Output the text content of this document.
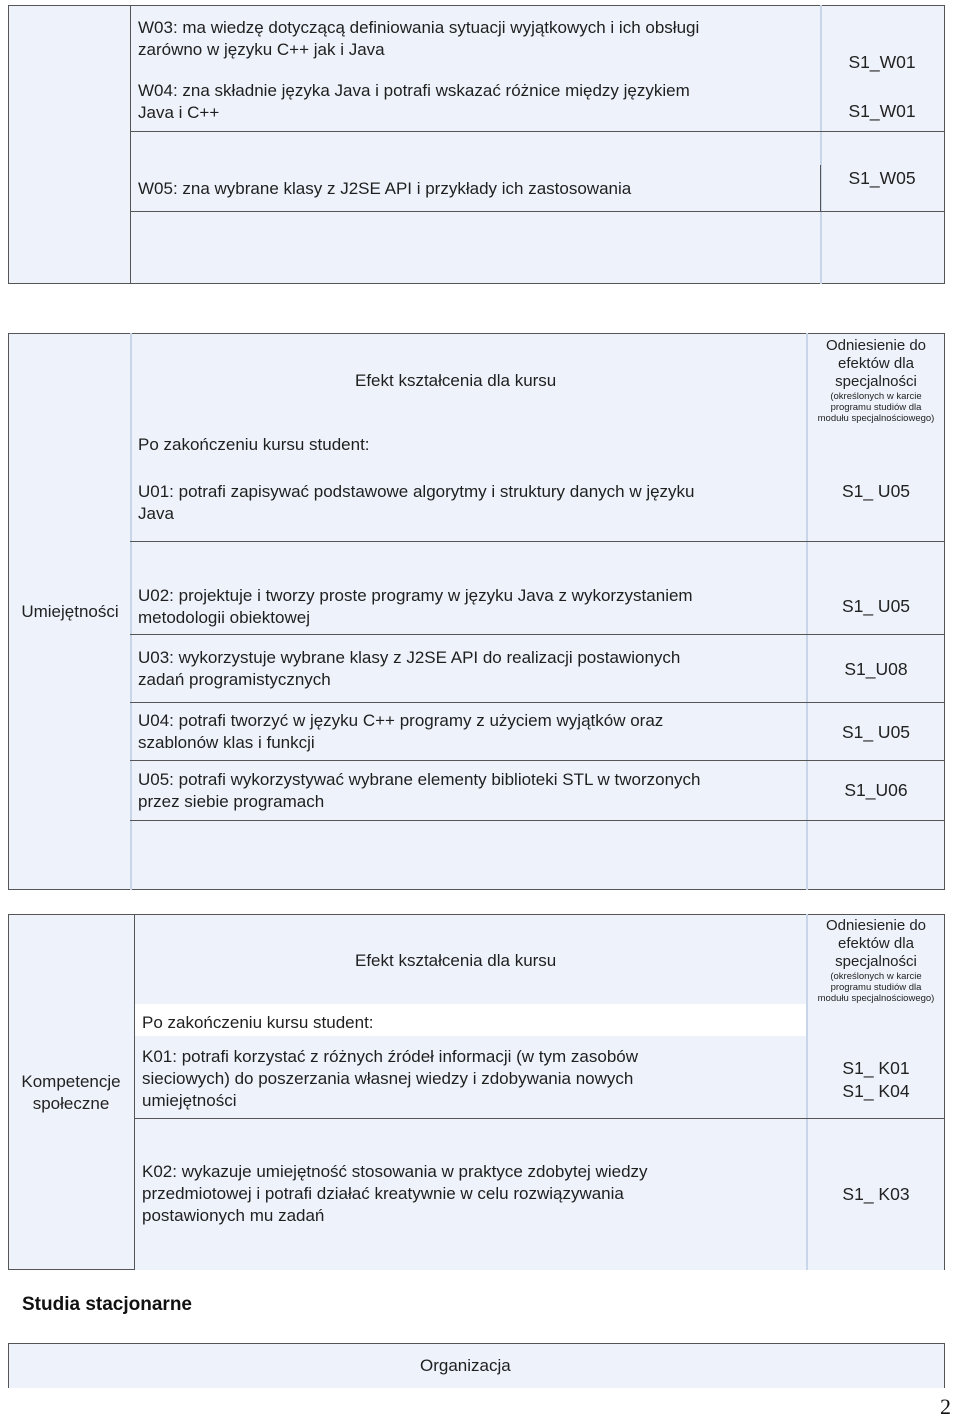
W03: ma wiedzę dotyczącą definiowania sytuacji wyjątkowych i ich obsługi
zarówno w języku C++ jak i Java
W04: zna składnie języka Java i potrafi wskazać różnice między językiem
Java i C++
S1_W01
S1_W01
W05: zna wybrane klasy z J2SE API i przykłady ich zastosowania
S1_W05
Efekt kształcenia dla kursu
Po zakończeniu kursu student:
Odniesienie do
efektów dla
specjalności
(określonych w karcie
programu studiów dla
modułu specjalnościowego)
Umiejętności
U01: potrafi zapisywać podstawowe algorytmy i struktury danych w języku
Java
S1_ U05
U02: projektuje i tworzy proste programy w języku Java z wykorzystaniem
metodologii obiektowej
S1_ U05
U03: wykorzystuje wybrane klasy z J2SE API do realizacji postawionych
zadań programistycznych
S1_U08
U04: potrafi tworzyć w języku C++ programy z użyciem wyjątków oraz
szablonów klas i funkcji
S1_ U05
U05: potrafi wykorzystywać wybrane elementy biblioteki STL w tworzonych
przez siebie programach
S1_U06
Efekt kształcenia dla kursu
Po zakończeniu kursu student:
Odniesienie do
efektów dla
specjalności
(określonych w karcie
programu studiów dla
modułu specjalnościowego)
Kompetencje
społeczne
K01: potrafi korzystać z różnych źródeł informacji (w tym zasobów
sieciowych) do poszerzania własnej wiedzy i zdobywania nowych
umiejętności
S1_ K01
S1_ K04
K02: wykazuje umiejętność stosowania w praktyce zdobytej wiedzy
przedmiotowej i potrafi działać kreatywnie w celu rozwiązywania
postawionych mu zadań
S1_ K03
Studia stacjonarne
Organizacja
2
